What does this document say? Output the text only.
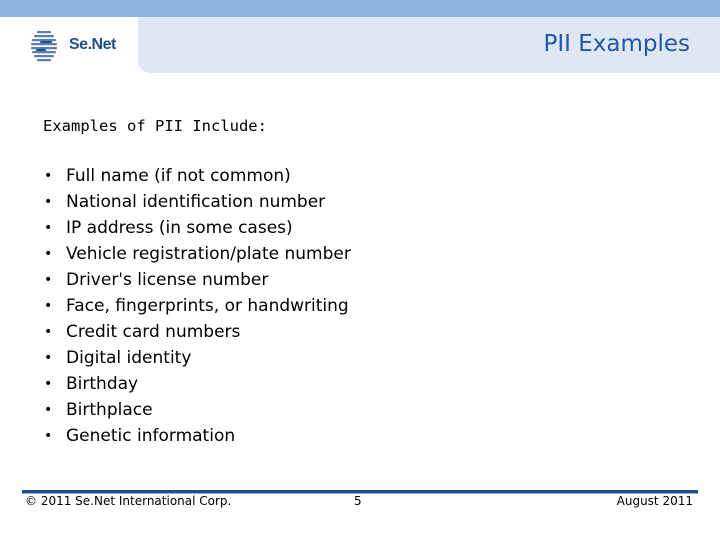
Se.Net	PII Examples
Examples of PII Include:
• Full name (if not common)
• National identification number
• IP address (in some cases)
• Vehicle registration/plate number
• Driver's license number
• Face, fingerprints, or handwriting
• Credit card numbers
• Digital identity
• Birthday
• Birthplace
• Genetic information
© 2011 Se.Net International Corp.	5	August 2011
